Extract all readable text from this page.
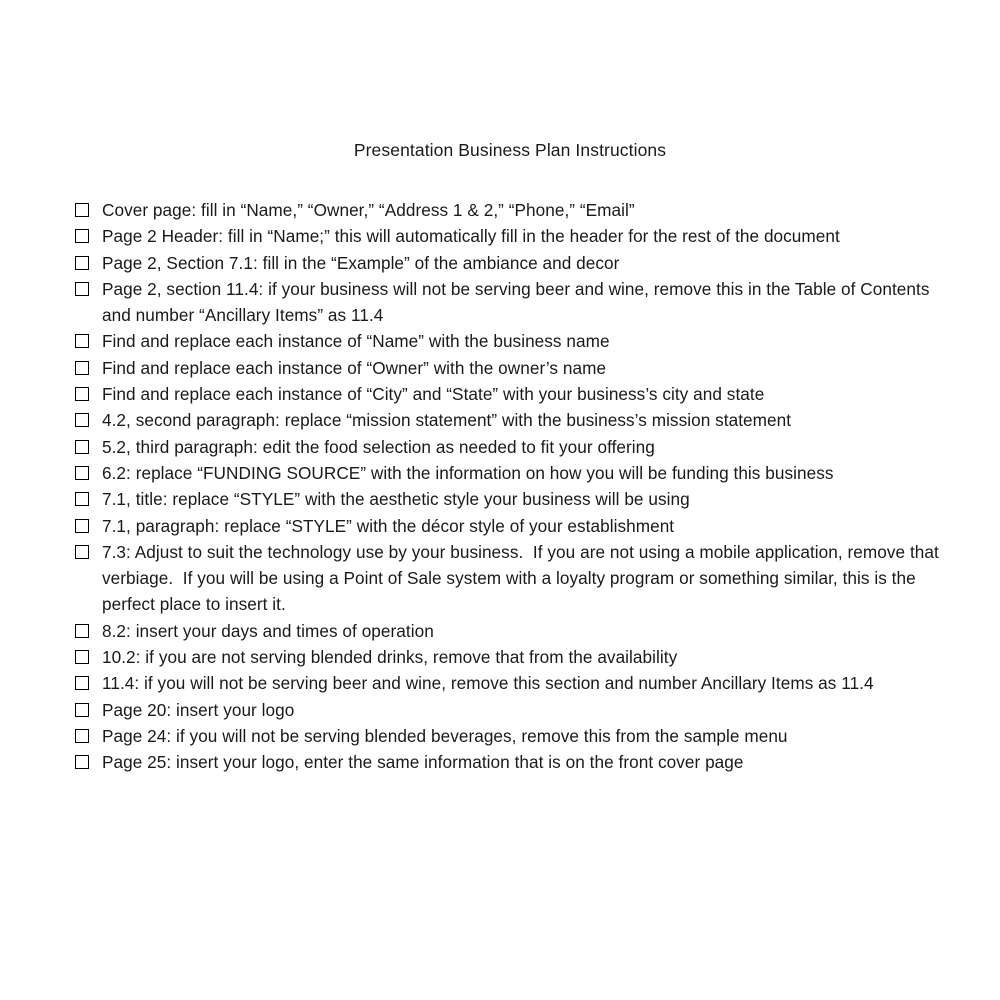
Presentation Business Plan Instructions
Cover page: fill in “Name,” “Owner,” “Address 1 & 2,” “Phone,” “Email”
Page 2 Header: fill in “Name;” this will automatically fill in the header for the rest of the document
Page 2, Section 7.1: fill in the “Example” of the ambiance and decor
Page 2, section 11.4: if your business will not be serving beer and wine, remove this in the Table of Contents and number “Ancillary Items” as 11.4
Find and replace each instance of “Name” with the business name
Find and replace each instance of “Owner” with the owner’s name
Find and replace each instance of “City” and “State” with your business’s city and state
4.2, second paragraph: replace “mission statement” with the business’s mission statement
5.2, third paragraph: edit the food selection as needed to fit your offering
6.2: replace “FUNDING SOURCE” with the information on how you will be funding this business
7.1, title: replace “STYLE” with the aesthetic style your business will be using
7.1, paragraph: replace “STYLE” with the décor style of your establishment
7.3: Adjust to suit the technology use by your business.  If you are not using a mobile application, remove that verbiage.  If you will be using a Point of Sale system with a loyalty program or something similar, this is the perfect place to insert it.
8.2: insert your days and times of operation
10.2: if you are not serving blended drinks, remove that from the availability
11.4: if you will not be serving beer and wine, remove this section and number Ancillary Items as 11.4
Page 20: insert your logo
Page 24: if you will not be serving blended beverages, remove this from the sample menu
Page 25: insert your logo, enter the same information that is on the front cover page
